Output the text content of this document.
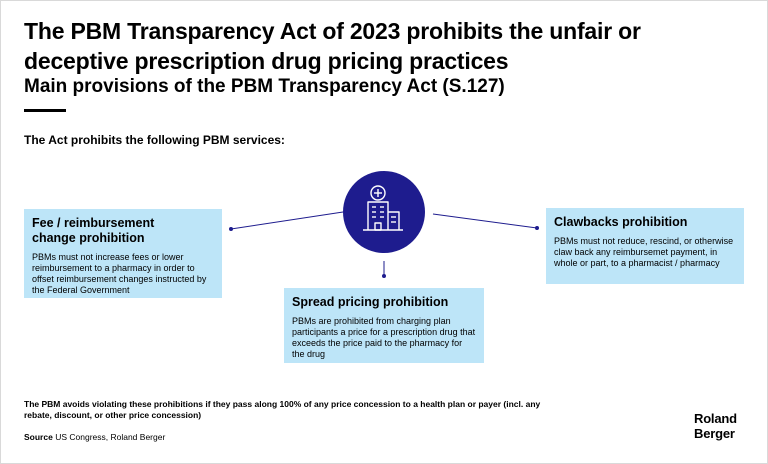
The PBM Transparency Act of 2023 prohibits the unfair or deceptive prescription drug pricing practices
Main provisions of the PBM Transparency Act (S.127)
The Act prohibits the following PBM services:

Fee / reimbursement
change prohibition

PBMs must not increase fees or lower reimbursement to a pharmacy in order to offset reimbursement changes instructed by the Federal Government

Spread pricing prohibition

PBMs are prohibited from charging plan participants a price for a prescription drug that exceeds the price paid to the pharmacy for the drug

Clawbacks prohibition

PBMs must not reduce, rescind, or otherwise claw back any reimbursemet payment, in whole or part, to a pharmacist / pharmacy

The PBM avoids violating these prohibitions if they pass along 100% of any price concession to a health plan or payer (incl. any rebate, discount, or other price concession)
Source US Congress, Roland Berger
Roland
Berger
